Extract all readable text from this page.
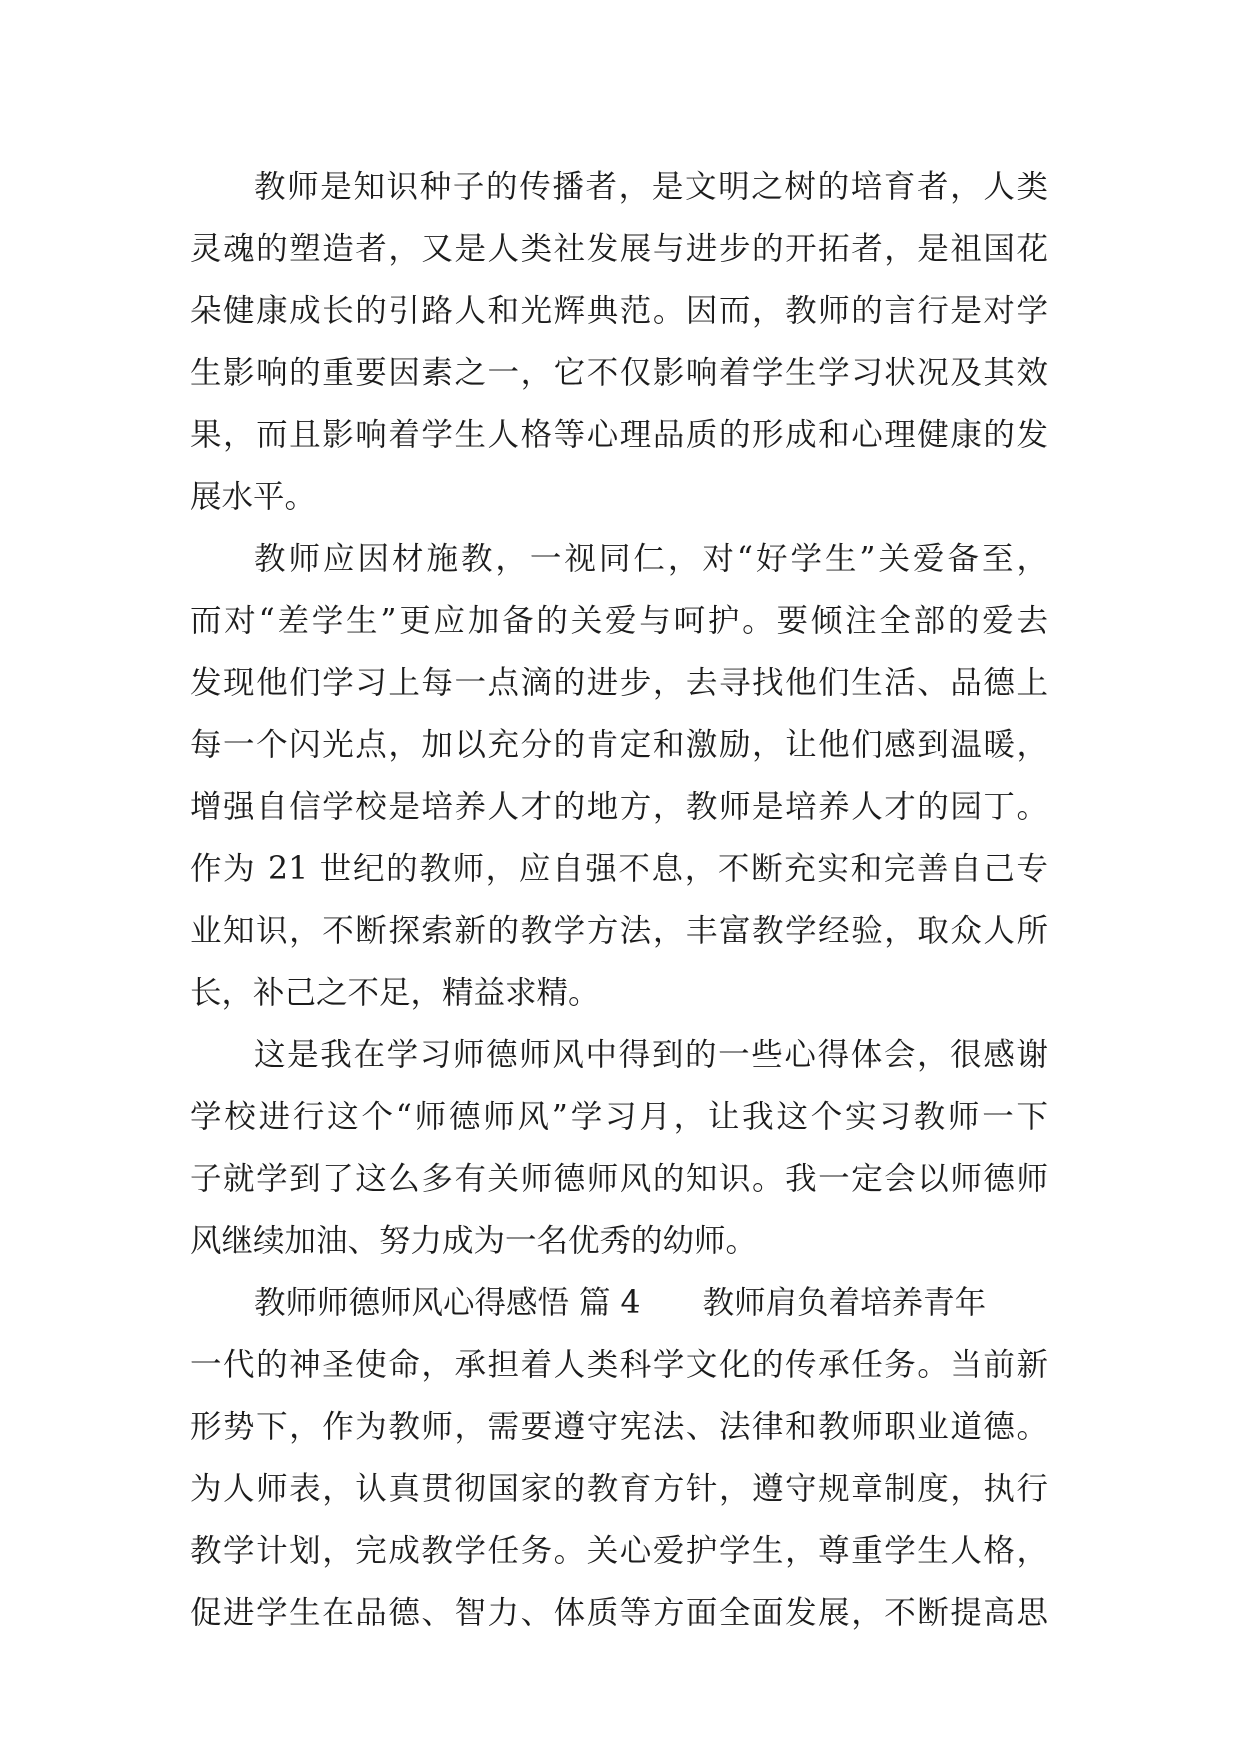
教师是知识种子的传播者，是文明之树的培育者，人类
灵魂的塑造者，又是人类社发展与进步的开拓者，是祖国花
朵健康成长的引路人和光辉典范。因而，教师的言行是对学
生影响的重要因素之一，它不仅影响着学生学习状况及其效
果，而且影响着学生人格等心理品质的形成和心理健康的发
展水平。
教师应因材施教，一视同仁，对“好学生”关爱备至，
而对“差学生”更应加备的关爱与呵护。要倾注全部的爱去
发现他们学习上每一点滴的进步，去寻找他们生活、品德上
每一个闪光点，加以充分的肯定和激励，让他们感到温暖，
增强自信学校是培养人才的地方，教师是培养人才的园丁。
作为 21 世纪的教师，应自强不息，不断充实和完善自己专
业知识，不断探索新的教学方法，丰富教学经验，取众人所
长，补己之不足，精益求精。
这是我在学习师德师风中得到的一些心得体会，很感谢
学校进行这个“师德师风”学习月，让我这个实习教师一下
子就学到了这么多有关师德师风的知识。我一定会以师德师
风继续加油、努力成为一名优秀的幼师。
教师师德师风心得感悟 篇 4 教师肩负着培养青年
一代的神圣使命，承担着人类科学文化的传承任务。当前新
形势下，作为教师，需要遵守宪法、法律和教师职业道德。
为人师表，认真贯彻国家的教育方针，遵守规章制度，执行
教学计划，完成教学任务。关心爱护学生，尊重学生人格，
促进学生在品德、智力、体质等方面全面发展，不断提高思
